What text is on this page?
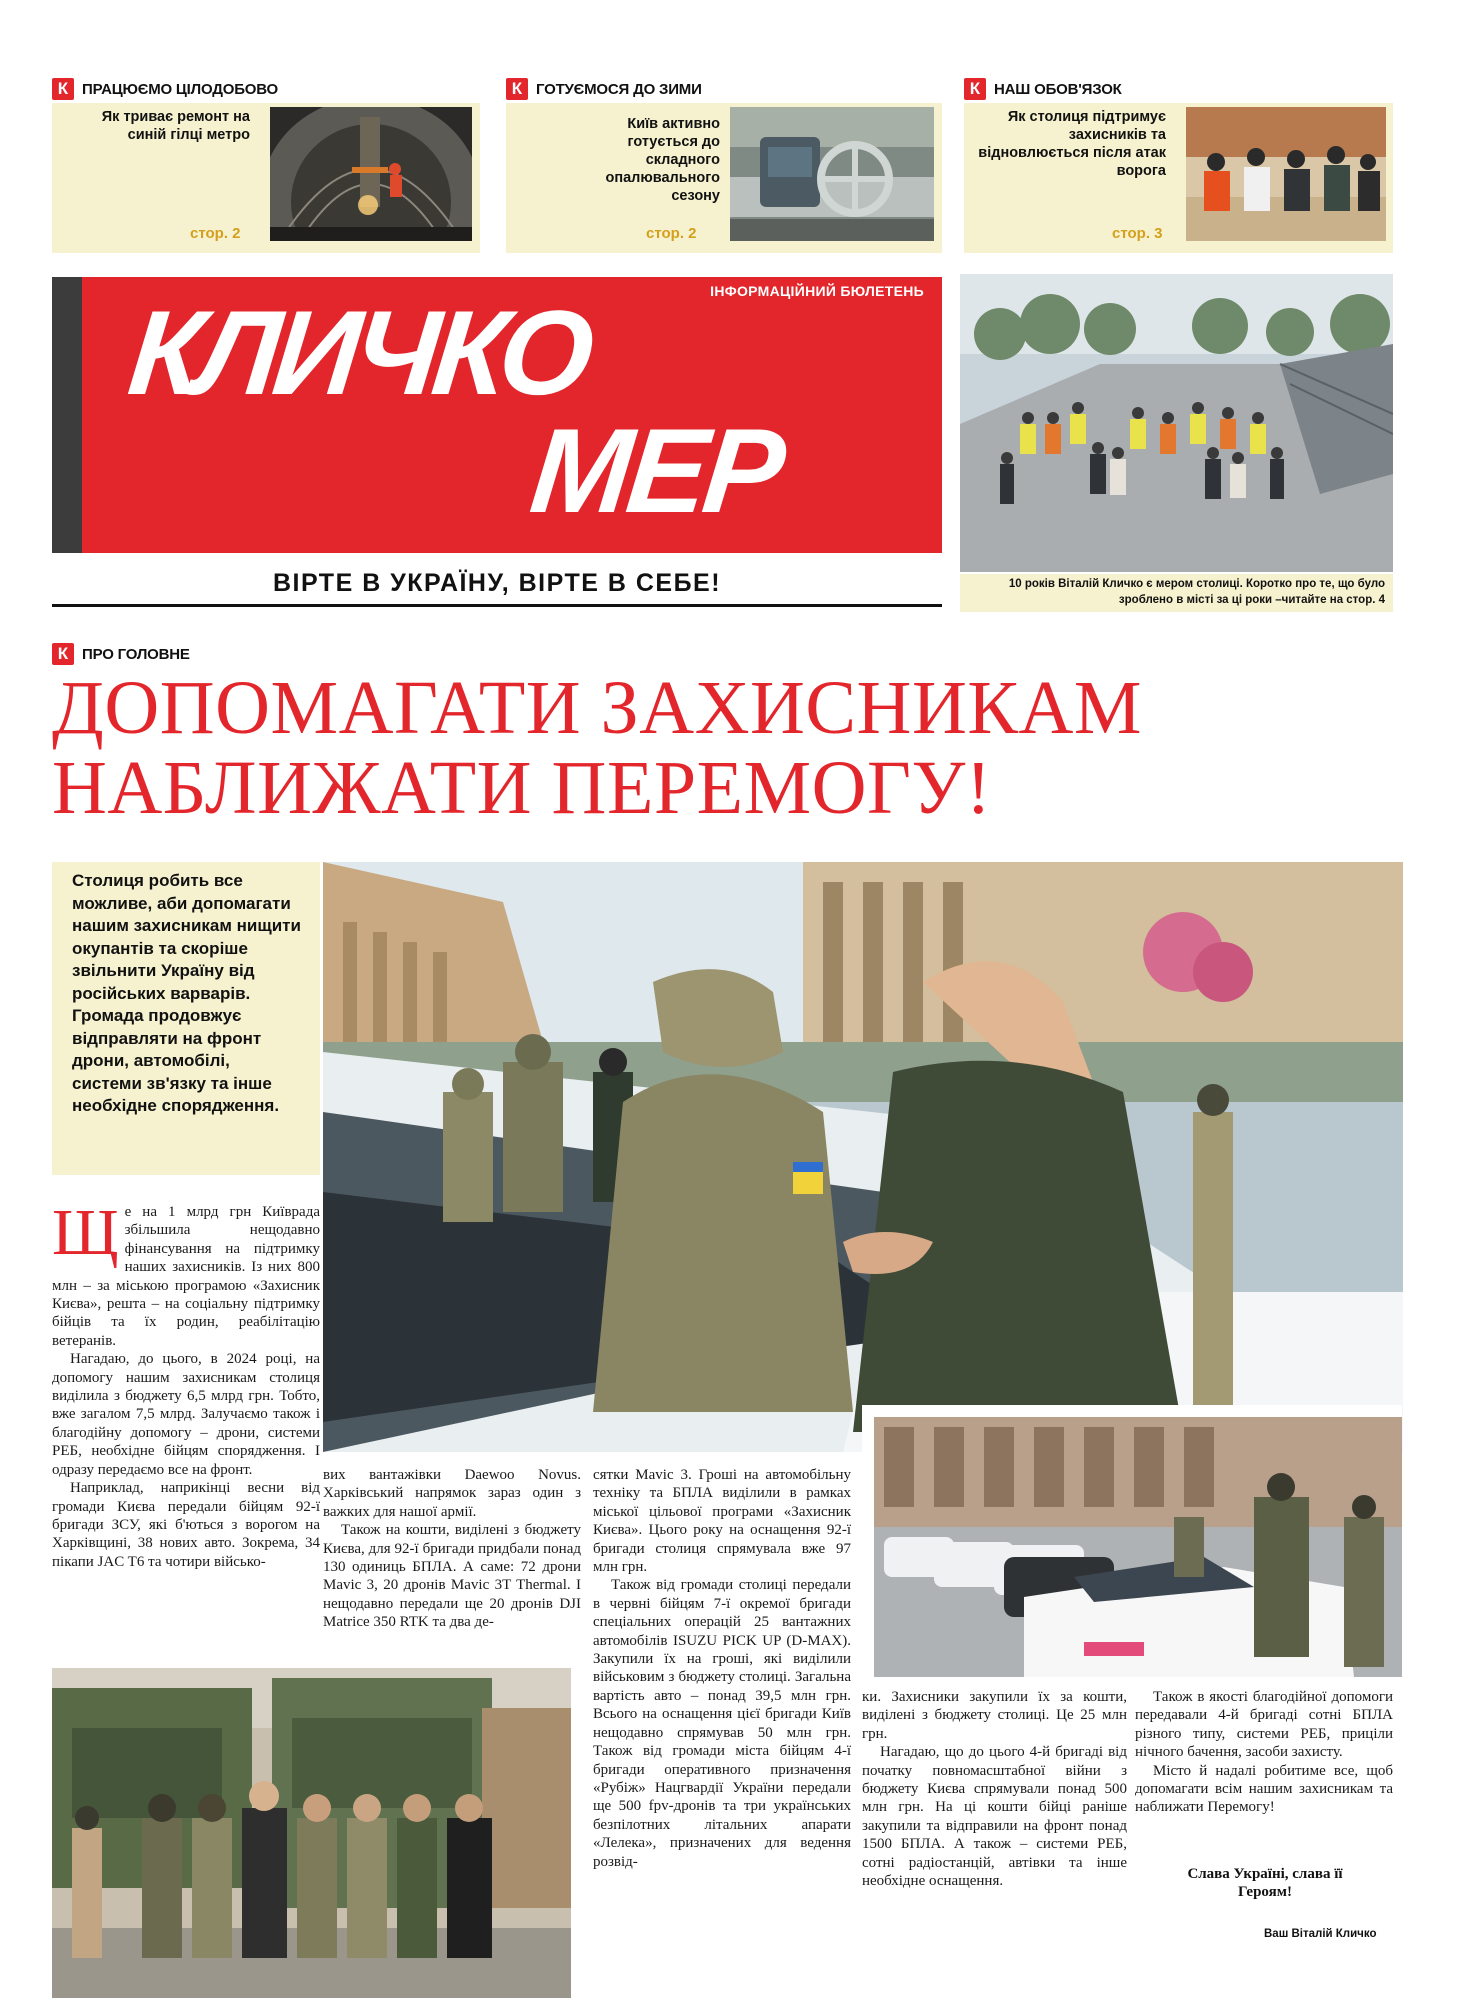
К ПРАЦЮЄМО ЦІЛОДОБОВО
Як триває ремонт на синій гілці метро
стор. 2
К ГОТУЄМОСЯ ДО ЗИМИ
Київ активно готується до складного опалювального сезону
стор. 2
К НАШ ОБОВ'ЯЗОК
Як столиця підтримує захисників та відновлюється після атак ворога
стор. 3
ІНФОРМАЦІЙНИЙ БЮЛЕТЕНЬ
КЛИЧКО
МЕР
ВІРТЕ В УКРАЇНУ, ВІРТЕ В СЕБЕ!	10 років Віталій Кличко є мером столиці. Коротко про те, що було зроблено в місті за ці роки –читайте на стор. 4
К ПРО ГОЛОВНЕ
ДОПОМАГАТИ ЗАХИСНИКАМ
НАБЛИЖАТИ ПЕРЕМОГУ!
Столиця робить все можливе, аби допомагати нашим захисникам нищити окупантів та скоріше звільнити Україну від російських варварів. Громада продовжує відправляти на фронт дрони, автомобілі, системи зв'язку та інше необхідне спорядження.

Ще на 1 млрд грн Київрада збільшила нещодавно фінансування на підтримку наших захисників. Із них 800 млн – за міською програмою «Захисник Києва», решта – на соціальну підтримку бійців та їх родин, реабілітацію ветеранів.

Нагадаю, до цього, в 2024 році, на допомогу нашим захисникам столиця виділила з бюджету 6,5 млрд грн. Тобто, вже загалом 7,5 млрд. Залучаємо також і благодійну допомогу – дрони, системи РЕБ, необхідне бійцям спорядження. І одразу передаємо все на фронт.

Наприклад, наприкінці весни від громади Києва передали бійцям 92-ї бригади ЗСУ, які б'ються з ворогом на Харківщині, 38 нових авто. Зокрема, 34 пікапи JAC T6 та чотири військо-

вих вантажівки Daewoo Novus. Харківський напрямок зараз один з важких для нашої армії.

Також на кошти, виділені з бюджету Києва, для 92-ї бригади придбали понад 130 одиниць БПЛА. А саме: 72 дрони Mavic 3, 20 дронів Mavic 3T Thermal. І нещодавно передали ще 20 дронів DJI Matrice 350 RTK та два де-

сятки Mavic 3. Гроші на автомобільну техніку та БПЛА виділили в рамках міської цільової програми «Захисник Києва». Цього року на оснащення 92-ї бригади столиця спрямувала вже 97 млн грн.

Також від громади столиці передали в червні бійцям 7-ї окремої бригади спеціальних операцій 25 вантажних автомобілів ISUZU PICK UP (D-MAX). Закупили їх на гроші, які виділили військовим з бюджету столиці. Загальна вартість авто – понад 39,5 млн грн. Всього на оснащення цієї бригади Київ нещодавно спрямував 50 млн грн. Також від громади міста бійцям 4-ї бригади оперативного призначення «Рубіж» Нацгвардії України передали ще 500 fpv-дронів та три українських безпілотних літальних апарати «Лелека», призначених для ведення розвід-

ки. Захисники закупили їх за кошти, виділені з бюджету столиці. Це 25 млн грн.

Нагадаю, що до цього 4-й бригаді від початку повномасштабної війни з бюджету Києва спрямували понад 500 млн грн. На ці кошти бійці раніше закупили та відправили на фронт понад 1500 БПЛА. А також – системи РЕБ, сотні радіостанцій, автівки та інше необхідне оснащення.

Також в якості благодійної допомоги передавали 4-й бригаді сотні БПЛА різного типу, системи РЕБ, приціли нічного бачення, засоби захисту.

Місто й надалі робитиме все, щоб допомагати всім нашим захисникам та наближати Перемогу!

Слава Україні, слава її Героям!
Ваш Віталій Кличко
